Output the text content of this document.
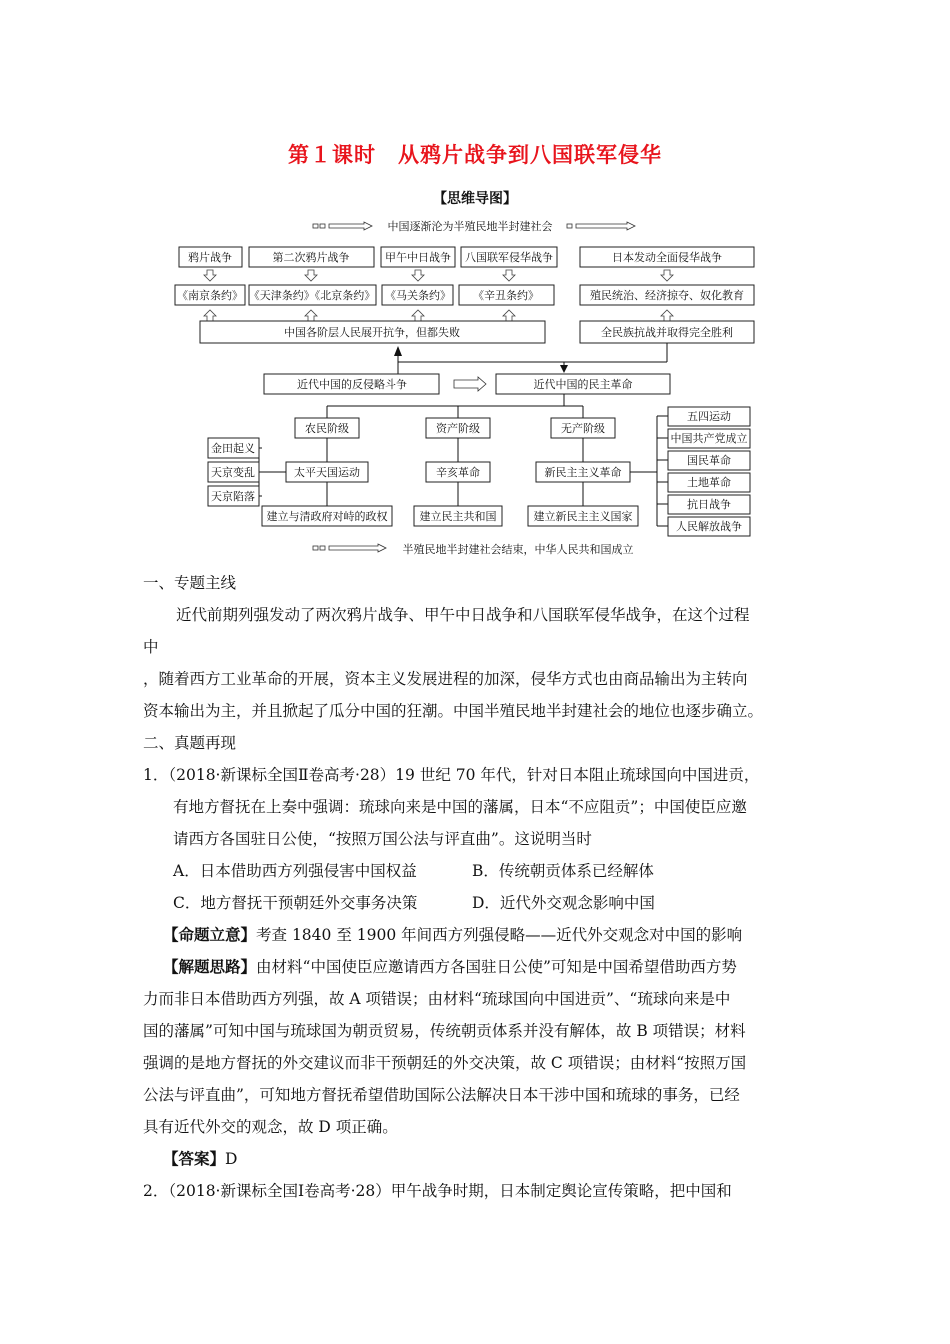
第１课时　从鸦片战争到八国联军侵华
【思维导图】
中国逐渐沦为半殖民地半封建社会
鸦片战争	第二次鸦片战争	甲午中日战争 八国联军侵华战争	日本发动全面侵华战争
《南京条约》 《天津条约》《北京条约》 《马关条约》 《辛丑条约》	殖民统治、经济掠夺、奴化教育
中国各阶层人民展开抗争，但都失败	全民族抗战并取得完全胜利
近代中国的反侵略斗争	近代中国的民主革命
农民阶级	资产阶级	无产阶级
太平天国运动	辛亥革命	新民主主义革命
建立与清政府对峙的政权	建立民主共和国	建立新民主主义国家
金田起义
天京变乱
天京陷落
五四运动
中国共产党成立
国民革命
土地革命
抗日战争
人民解放战争
半殖民地半封建社会结束，中华人民共和国成立

一、专题主线

近代前期列强发动了两次鸦片战争、甲午中日战争和八国联军侵华战争，在这个过程

中

，随着西方工业革命的开展，资本主义发展进程的加深，侵华方式也由商品输出为主转向

资本输出为主，并且掀起了瓜分中国的狂潮。中国半殖民地半封建社会的地位也逐步确立。

二、真题再现

1．（2018·新课标全国Ⅱ卷高考·28）19 世纪 70 年代，针对日本阻止琉球国向中国进贡，

有地方督抚在上奏中强调：琉球向来是中国的藩属，日本“不应阻贡”；中国使臣应邀

请西方各国驻日公使，“按照万国公法与评直曲”。这说明当时

A．日本借助西方列强侵害中国权益	B．传统朝贡体系已经解体

C．地方督抚干预朝廷外交事务决策	D．近代外交观念影响中国

【命题立意】考查 1840 至 1900 年间西方列强侵略——近代外交观念对中国的影响

【解题思路】由材料“中国使臣应邀请西方各国驻日公使”可知是中国希望借助西方势

力而非日本借助西方列强，故 A 项错误；由材料“琉球国向中国进贡”、“琉球向来是中

国的藩属”可知中国与琉球国为朝贡贸易，传统朝贡体系并没有解体，故 B 项错误；材料

强调的是地方督抚的外交建议而非干预朝廷的外交决策，故 C 项错误；由材料“按照万国

公法与评直曲”，可知地方督抚希望借助国际公法解决日本干涉中国和琉球的事务，已经

具有近代外交的观念，故 D 项正确。

【答案】D

2．（2018·新课标全国Ⅰ卷高考·28）甲午战争时期，日本制定舆论宣传策略，把中国和
